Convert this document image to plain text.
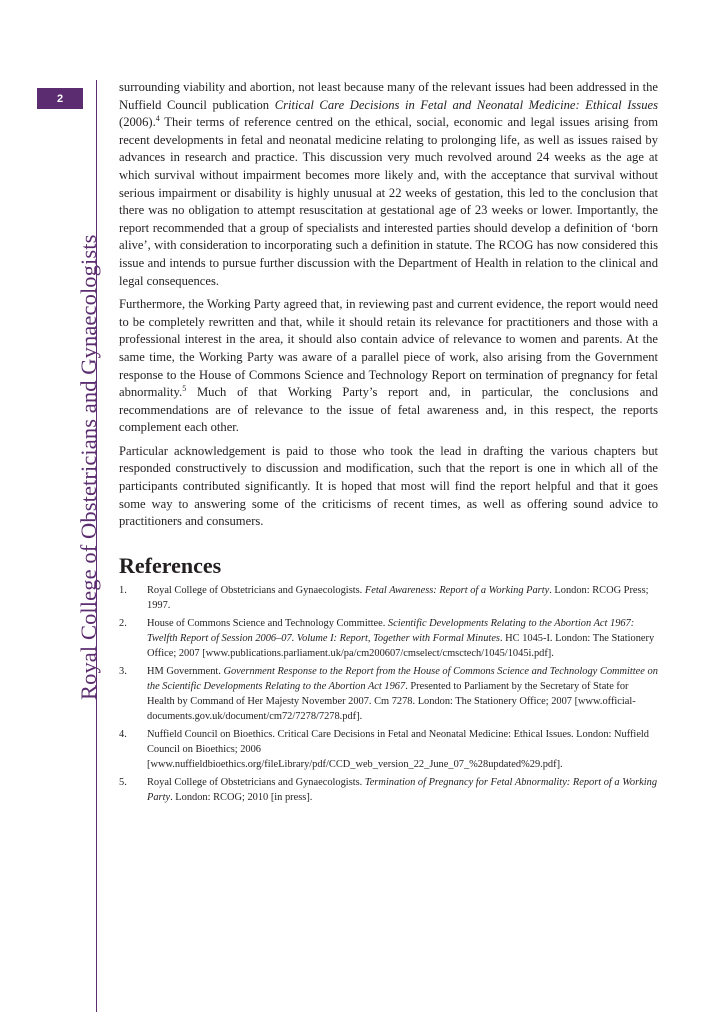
2
Royal College of Obstetricians and Gynaecologists

surrounding viability and abortion, not least because many of the relevant issues had been addressed in the Nuffield Council publication Critical Care Decisions in Fetal and Neonatal Medicine: Ethical Issues (2006).$^4$ Their terms of reference centred on the ethical, social, economic and legal issues arising from recent developments in fetal and neonatal medicine relating to prolonging life, as well as issues raised by advances in research and practice. This discussion very much revolved around 24 weeks as the age at which survival without impairment becomes more likely and, with the acceptance that survival without serious impairment or disability is highly unusual at 22 weeks of gestation, this led to the conclusion that there was no obligation to attempt resuscitation at gestational age of 23 weeks or lower. Importantly, the report recommended that a group of specialists and interested parties should develop a definition of ‘born alive’, with consideration to incorporating such a definition in statute. The RCOG has now considered this issue and intends to pursue further discussion with the Department of Health in relation to the clinical and legal consequences.

Furthermore, the Working Party agreed that, in reviewing past and current evidence, the report would need to be completely rewritten and that, while it should retain its relevance for practitioners and those with a professional interest in the area, it should also contain advice of relevance to women and parents. At the same time, the Working Party was aware of a parallel piece of work, also arising from the Government response to the House of Commons Science and Technology Report on termination of pregnancy for fetal abnormality.$^5$ Much of that Working Party’s report and, in particular, the conclusions and recommendations are of relevance to the issue of fetal awareness and, in this respect, the reports complement each other.

Particular acknowledgement is paid to those who took the lead in drafting the various chapters but responded constructively to discussion and modification, such that the report is one in which all of the participants contributed significantly. It is hoped that most will find the report helpful and that it goes some way to answering some of the criticisms of recent times, as well as offering sound advice to practitioners and consumers.

References
1.	Royal College of Obstetricians and Gynaecologists. Fetal Awareness: Report of a Working Party. London: RCOG Press; 1997.
2.	House of Commons Science and Technology Committee. Scientific Developments Relating to the Abortion Act 1967: Twelfth Report of Session 2006–07. Volume I: Report, Together with Formal Minutes. HC 1045-I. London: The Stationery Office; 2007 [www.publications.parliament.uk/pa/cm200607/cmselect/cmsctech/1045/1045i.pdf].
3.	HM Government. Government Response to the Report from the House of Commons Science and Technology Committee on the Scientific Developments Relating to the Abortion Act 1967. Presented to Parliament by the Secretary of State for Health by Command of Her Majesty November 2007. Cm 7278. London: The Stationery Office; 2007 [www.official-documents.gov.uk/document/cm72/7278/7278.pdf].
4.	Nuffield Council on Bioethics. Critical Care Decisions in Fetal and Neonatal Medicine: Ethical Issues. London: Nuffield Council on Bioethics; 2006 [www.nuffieldbioethics.org/fileLibrary/pdf/CCD_web_version_22_June_07_%28updated%29.pdf].
5.	Royal College of Obstetricians and Gynaecologists. Termination of Pregnancy for Fetal Abnormality: Report of a Working Party. London: RCOG; 2010 [in press].
